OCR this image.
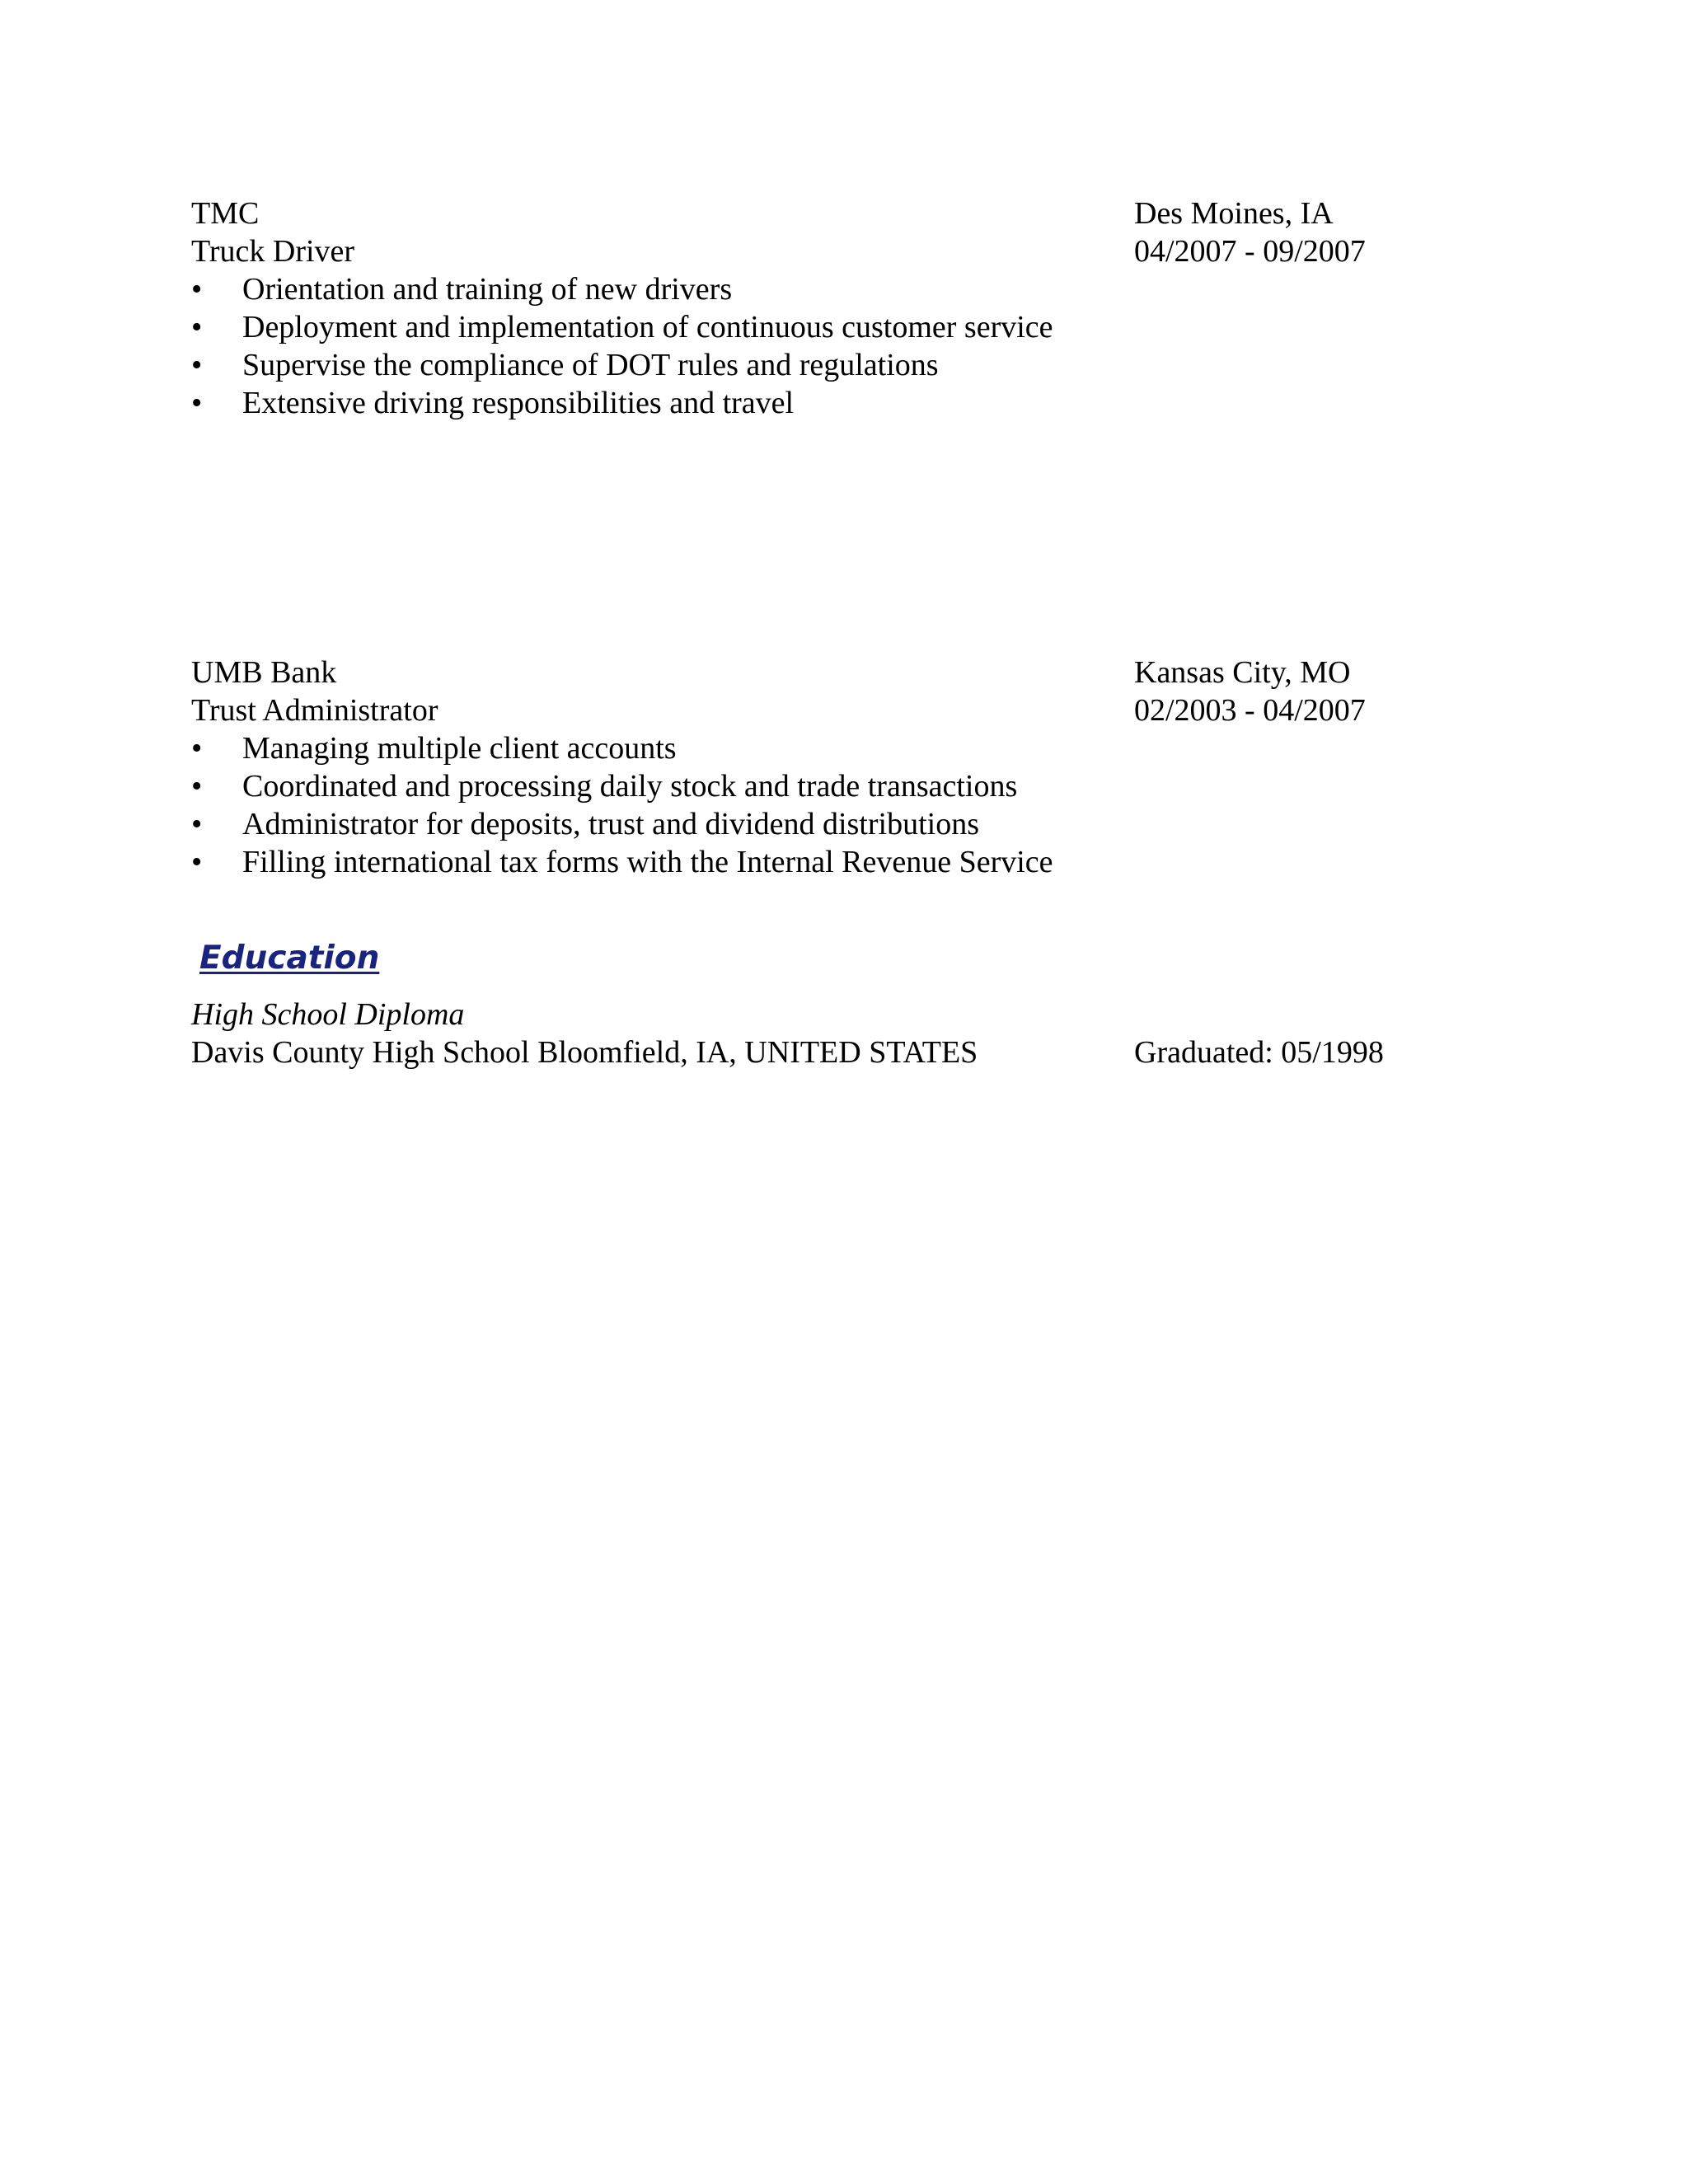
TMC	Des Moines, IA
Truck Driver	04/2007 - 09/2007
• Orientation and training of new drivers
• Deployment and implementation of continuous customer service
• Supervise the compliance of DOT rules and regulations
• Extensive driving responsibilities and travel
UMB Bank	Kansas City, MO
Trust Administrator	02/2003 - 04/2007
• Managing multiple client accounts
• Coordinated and processing daily stock and trade transactions
• Administrator for deposits, trust and dividend distributions
• Filling international tax forms with the Internal Revenue Service
Education
High School Diploma
Davis County High School Bloomfield, IA, UNITED STATES	Graduated: 05/1998
